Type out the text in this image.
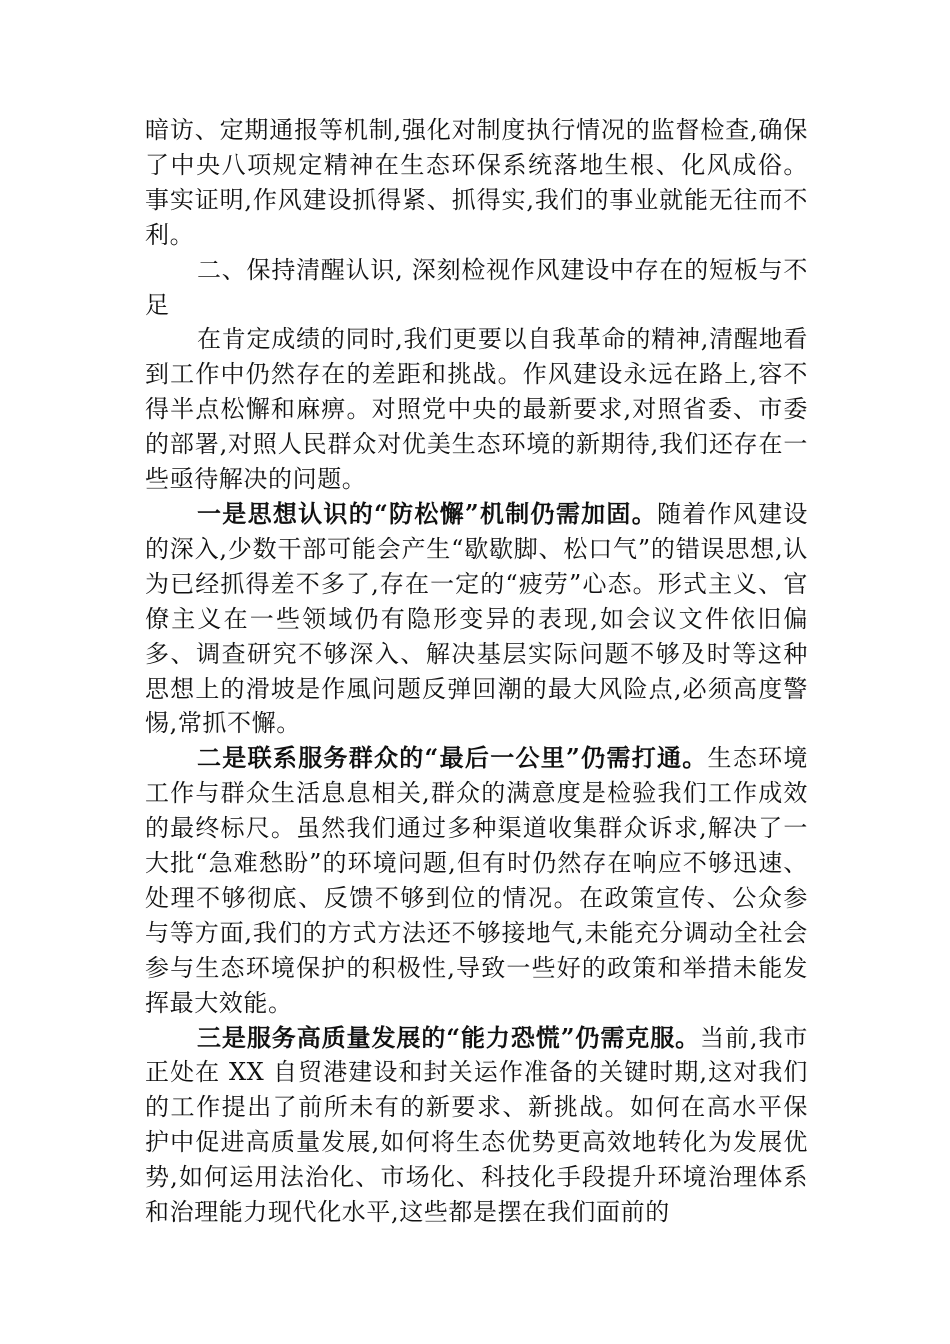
暗访、定期通报等机制,强化对制度执行情况的监督检查,确保了中央八项规定精神在生态环保系统落地生根、化风成俗。事实证明,作风建设抓得紧、抓得实,我们的事业就能无往而不利。

二、保持清醒认识, 深刻检视作风建设中存在的短板与不足

在肯定成绩的同时,我们更要以自我革命的精神,清醒地看到工作中仍然存在的差距和挑战。作风建设永远在路上,容不得半点松懈和麻痹。对照党中央的最新要求,对照省委、市委的部署,对照人民群众对优美生态环境的新期待,我们还存在一些亟待解决的问题。

一是思想认识的“防松懈”机制仍需加固。随着作风建设的深入,少数干部可能会产生“歇歇脚、松口气”的错误思想,认为已经抓得差不多了,存在一定的“疲劳”心态。形式主义、官僚主义在一些领域仍有隐形变异的表现,如会议文件依旧偏多、调查研究不够深入、解决基层实际问题不够及时等这种思想上的滑坡是作風问题反弹回潮的最大风险点,必须高度警惕,常抓不懈。

二是联系服务群众的“最后一公里”仍需打通。生态环境工作与群众生活息息相关,群众的满意度是检验我们工作成效的最终标尺。虽然我们通过多种渠道收集群众诉求,解决了一大批“急难愁盼”的环境问题,但有时仍然存在响应不够迅速、处理不够彻底、反馈不够到位的情况。在政策宣传、公众参与等方面,我们的方式方法还不够接地气,未能充分调动全社会参与生态环境保护的积极性,导致一些好的政策和举措未能发挥最大效能。

三是服务高质量发展的“能力恐慌”仍需克服。当前,我市正处在 XX 自贸港建设和封关运作准备的关键时期,这对我们的工作提出了前所未有的新要求、新挑战。如何在高水平保护中促进高质量发展,如何将生态优势更高效地转化为发展优势,如何运用法治化、市场化、科技化手段提升环境治理体系和治理能力现代化水平,这些都是摆在我们面前的
